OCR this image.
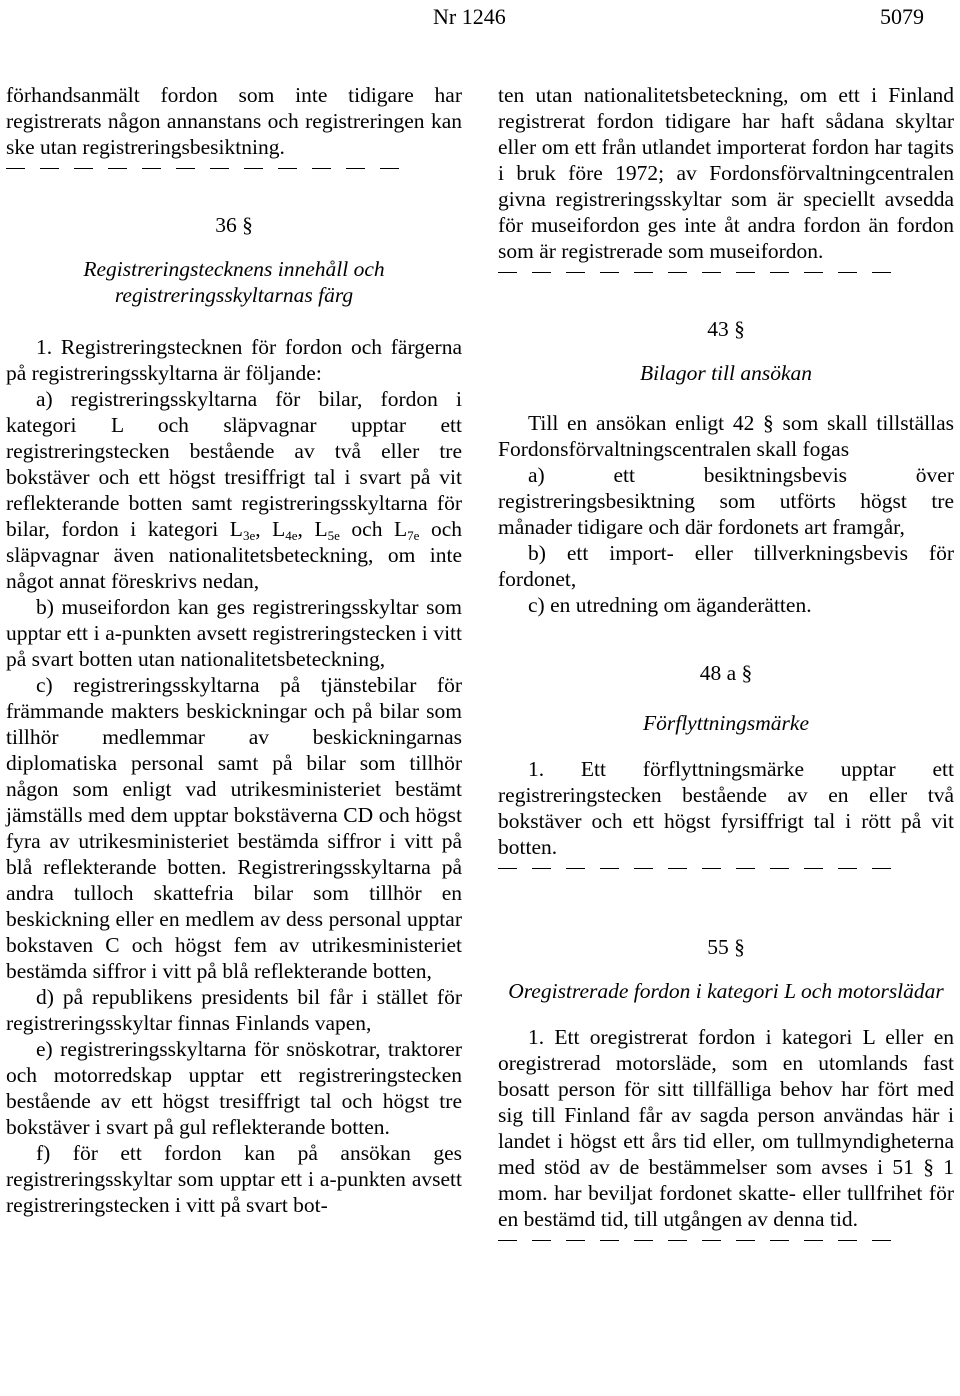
Nr 1246	5079

förhandsanmält fordon som inte tidigare har registrerats någon annanstans och registreringen kan ske utan registreringsbesiktning.

36 §

Registreringstecknens innehåll och registreringsskyltarnas färg

1. Registreringstecknen för fordon och färgerna på registreringsskyltarna är följande:

a) registreringsskyltarna för bilar, fordon i kategori L och släpvagnar upptar ett registreringstecken bestående av två eller tre bokstäver och ett högst tresiffrigt tal i svart på vit reflekterande botten samt registreringsskyltarna för bilar, fordon i kategori $L_{3e}$, $L_{4e}$, $L_{5e}$ och $L_{7e}$ och släpvagnar även nationalitetsbeteckning, om inte något annat föreskrivs nedan,

b) museifordon kan ges registreringsskyltar som upptar ett i a-punkten avsett registreringstecken i vitt på svart botten utan nationalitetsbeteckning,

c) registreringsskyltarna på tjänstebilar för främmande makters beskickningar och på bilar som tillhör medlemmar av beskickningarnas diplomatiska personal samt på bilar som tillhör någon som enligt vad utrikesministeriet bestämt jämställs med dem upptar bokstäverna CD och högst fyra av utrikesministeriet bestämda siffror i vitt på blå reflekterande botten. Registreringsskyltarna på andra tulloch skattefria bilar som tillhör en beskickning eller en medlem av dess personal upptar bokstaven C och högst fem av utrikesministeriet bestämda siffror i vitt på blå reflekterande botten,

d) på republikens presidents bil får i stället för registreringsskyltar finnas Finlands vapen,

e) registreringsskyltarna för snöskotrar, traktorer och motorredskap upptar ett registreringstecken bestående av ett högst tresiffrigt tal och högst tre bokstäver i svart på gul reflekterande botten.

f) för ett fordon kan på ansökan ges registreringsskyltar som upptar ett i a-punkten avsett registreringstecken i vitt på svart bot-

ten utan nationalitetsbeteckning, om ett i Finland registrerat fordon tidigare har haft sådana skyltar eller om ett från utlandet importerat fordon har tagits i bruk före 1972; av Fordonsförvaltningcentralen givna registreringsskyltar som är speciellt avsedda för museifordon ges inte åt andra fordon än fordon som är registrerade som museifordon.

43 §

Bilagor till ansökan

Till en ansökan enligt 42 § som skall tillställas Fordonsförvaltningscentralen skall fogas

a) ett besiktningsbevis över registreringsbesiktning som utförts högst tre månader tidigare och där fordonets art framgår,

b) ett import- eller tillverkningsbevis för fordonet,

c) en utredning om äganderätten.

48 a §

Förflyttningsmärke

1. Ett förflyttningsmärke upptar ett registreringstecken bestående av en eller två bokstäver och ett högst fyrsiffrigt tal i rött på vit botten.

55 §

Oregistrerade fordon i kategori L och motorslädar

1. Ett oregistrerat fordon i kategori L eller en oregistrerad motorsläde, som en utomlands fast bosatt person för sitt tillfälliga behov har fört med sig till Finland får av sagda person användas här i landet i högst ett års tid eller, om tullmyndigheterna med stöd av de bestämmelser som avses i 51 § 1 mom. har beviljat fordonet skatte- eller tullfrihet för en bestämd tid, till utgången av denna tid.
